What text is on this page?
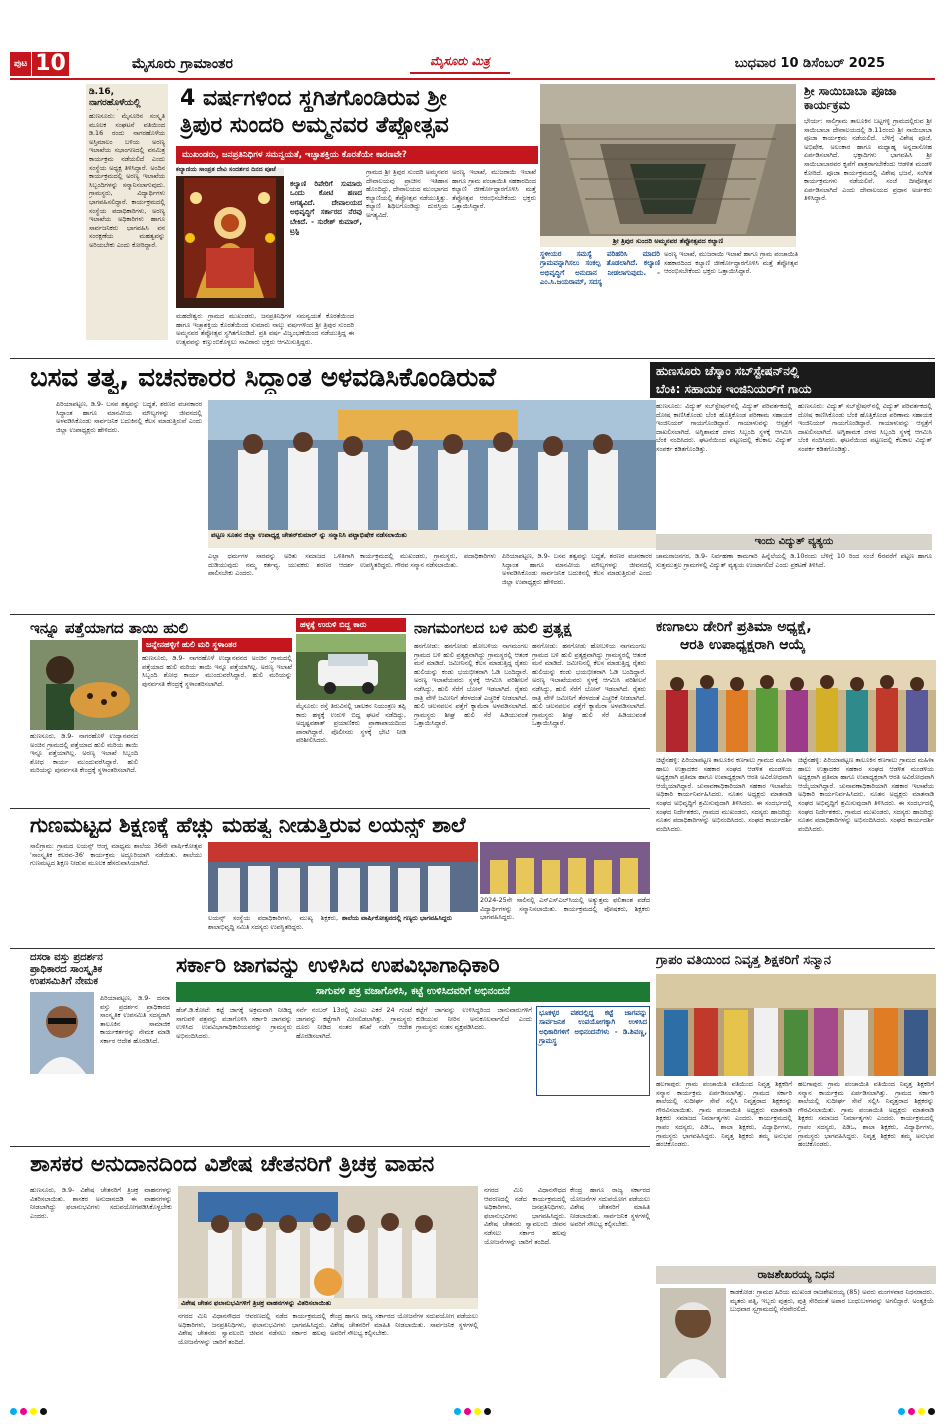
ಪುಟ 10	ಮೈಸೂರು ಗ್ರಾಮಾಂತರ	ಮೈಸೂರು ಮಿತ್ರ	ಬುಧವಾರ 10 ಡಿಸೆಂಬರ್ 2025
ಡಿ.16, ನಾಗರಹೊಳೆಯಲ್ಲಿ
ಹುಣಸೂರು: ಮೈಸೂರಿನ ಸಂಸ್ಕೃತಿ ಮೂಲಕ ಸಂಘಟನೆ ವತಿಯಿಂದ ಡಿ.16 ರಂದು ನಾಗರಹೊಳೆಯ ಅಸ್ತಿಮಾಲಂ ಬಳಿಯ ಅರಣ್ಯ ಇಲಾಖೆಯ ಸಭಾಂಗಣದಲ್ಲಿ ವನಮಿತ್ರ ಕಾರ್ಯಕ್ರಮ ನಡೆಯಲಿದೆ ಎಂದು ಸಂಸ್ಥೆಯ ಅಧ್ಯಕ್ಷ ತಿಳಿಸಿದ್ದಾರೆ. ಅಂದಿನ ಕಾರ್ಯಕ್ರಮದಲ್ಲಿ ಅರಣ್ಯ ಇಲಾಖೆಯ ಸಿಬ್ಬಂದಿಗಳನ್ನು ಸನ್ಮಾನಿಸಲಾಗುವುದು. ಗ್ರಾಮಸ್ಥರು, ವಿದ್ಯಾರ್ಥಿಗಳು ಭಾಗವಹಿಸಲಿದ್ದಾರೆ. ಕಾರ್ಯಕ್ರಮದಲ್ಲಿ ಸಂಸ್ಥೆಯ ಪದಾಧಿಕಾರಿಗಳು, ಅರಣ್ಯ ಇಲಾಖೆಯ ಅಧಿಕಾರಿಗಳು ಹಾಗೂ ಸಾರ್ವಜನಿಕರು ಭಾಗವಹಿಸಿ ವನ ಸಂರಕ್ಷಣೆಯ ಮಹತ್ವವನ್ನು ಅರಿಯಬೇಕು ಎಂದು ಕೋರಿದ್ದಾರೆ.
4 ವರ್ಷಗಳಿಂದ ಸ್ಥಗಿತಗೊಂಡಿರುವ ಶ್ರೀ
ತ್ರಿಪುರ ಸುಂದರಿ ಅಮ್ಮನವರ ತೆಪ್ಪೋತ್ಸವ
ಮುಖಂಡರು, ಜನಪ್ರತಿನಿಧಿಗಳ ಸಮನ್ವಯತೆ, ಇಚ್ಛಾಶಕ್ತಿಯ ಕೊರತೆಯೇ ಕಾರಣವೇ?
ಕಲ್ಯಾಣಿಯ ಸಾಂಪ್ರತ ದೇವಿ ಸಂದರ್ಶನ ದಿನದ ಪೂಜೆ
ಕಲ್ಯಾಣಿ ರಿಪೇರಿಗೆ ಸುಮಾರು ಒಂದು ಕೋಟಿ ಹಣದ ಅಗತ್ಯವಿದೆ. ದೇವಾಲಯದ ಅಭಿವೃದ್ಧಿಗೆ ಸರ್ಕಾರದ ನೆರವು ಬೇಕಿದೆ. - ಸುರೇಶ್ ಕುಮಾರ್, ಟ್ರಸ್ಟಿ
ಮಹದೇಶ್ವರ: ಗ್ರಾಮದ ಮುಖಂಡರು, ಜನಪ್ರತಿನಿಧಿಗಳ ಸಮನ್ವಯತೆ ಕೊರತೆಯಿಂದ ಹಾಗೂ ಇಚ್ಛಾಶಕ್ತಿಯ ಕೊರತೆಯಿಂದ ಸುಮಾರು ನಾಲ್ಕು ವರ್ಷಗಳಿಂದ ಶ್ರೀ ತ್ರಿಪುರ ಸುಂದರಿ ಅಮ್ಮನವರ ತೆಪ್ಪೋತ್ಸವ ಸ್ಥಗಿತಗೊಂಡಿದೆ. ಪ್ರತಿ ವರ್ಷ ವಿಜೃಂಭಣೆಯಿಂದ ನಡೆಯುತ್ತಿದ್ದ ಈ ಉತ್ಸವವನ್ನು ಕಣ್ತುಂಬಿಕೊಳ್ಳಲು ಸಾವಿರಾರು ಭಕ್ತರು ಆಗಮಿಸುತ್ತಿದ್ದರು.
ಗ್ರಾಮದ ಶ್ರೀ ತ್ರಿಪುರ ಸುಂದರಿ ಅಮ್ಮನವರ ದೇವಾಲಯವು ಪ್ರಾಚೀನ ಇತಿಹಾಸ ಹೊಂದಿದ್ದು, ದೇವಾಲಯದ ಮುಂಭಾಗದ ಕಲ್ಯಾಣಿಯಲ್ಲಿ ತೆಪ್ಪೋತ್ಸವ ನಡೆಯುತ್ತಿತ್ತು. ಕಲ್ಯಾಣಿ ಶಿಥಿಲಗೊಂಡಿದ್ದು ದುರಸ್ತಿಯ ಅಗತ್ಯವಿದೆ.
ಅರಣ್ಯ ಇಲಾಖೆ, ಮುಜರಾಯಿ ಇಲಾಖೆ ಹಾಗೂ ಗ್ರಾಮ ಪಂಚಾಯಿತಿ ಸಹಕಾರದಿಂದ ಕಲ್ಯಾಣಿ ಜೀರ್ಣೋದ್ಧಾರಗೊಳಿಸಿ ಮತ್ತೆ ತೆಪ್ಪೋತ್ಸವ ಆರಂಭಿಸಬೇಕೆಂದು ಭಕ್ತರು ಒತ್ತಾಯಿಸಿದ್ದಾರೆ.
ಶ್ರೀ ತ್ರಿಪುರ ಸುಂದರಿ ಅಮ್ಮನವರ ತೆಪ್ಪೋತ್ಸವದ ಕಲ್ಯಾಣಿ
ಸ್ಥಳೀಯರ ಸಮಸ್ಯೆ ಪರಿಹರಿಸಿ ಮಾದರಿ ಗ್ರಾಮವನ್ನಾಗಿಸಲು ಸಂಕಲ್ಪ ತೊಡಲಾಗಿದೆ. ಕಲ್ಯಾಣಿ ಅಭಿವೃದ್ಧಿಗೆ ಅನುದಾನ ನೀಡಲಾಗುವುದು. - ಎಂ.ಸಿ.ಜಯರಾಮ್, ಸದಸ್ಯ
ಅರಣ್ಯ ಇಲಾಖೆ, ಮುಜರಾಯಿ ಇಲಾಖೆ ಹಾಗೂ ಗ್ರಾಮ ಪಂಚಾಯಿತಿ ಸಹಕಾರದಿಂದ ಕಲ್ಯಾಣಿ ಜೀರ್ಣೋದ್ಧಾರಗೊಳಿಸಿ ಮತ್ತೆ ತೆಪ್ಪೋತ್ಸವ ಆರಂಭಿಸಬೇಕೆಂದು ಭಕ್ತರು ಒತ್ತಾಯಿಸಿದ್ದಾರೆ.
ಶ್ರೀ ಸಾಯಿಬಾಬಾ ಪೂಜಾ ಕಾರ್ಯಕ್ರಮ
ಭೇರ್ಯ: ಸಾಲಿಗ್ರಾಮ ತಾಲೂಕಿನ ಬಟ್ಟಗಳ್ಳಿ ಗ್ರಾಮದಲ್ಲಿರುವ ಶ್ರೀ ಸಾಯಿಬಾಬಾ ದೇವಾಲಯದಲ್ಲಿ ಡಿ.11ರಂದು ಶ್ರೀ ಸಾಯಿಬಾಬಾ ಪೂಜಾ ಕಾರ್ಯಕ್ರಮ ನಡೆಯಲಿದೆ. ಬೆಳಿಗ್ಗೆ ವಿಶೇಷ ಪೂಜೆ, ಅಭಿಷೇಕ, ಅಲಂಕಾರ ಹಾಗೂ ಮಧ್ಯಾಹ್ನ ಅನ್ನದಾಸೋಹ ಏರ್ಪಡಿಸಲಾಗಿದೆ. ಭಕ್ತಾದಿಗಳು ಭಾಗವಹಿಸಿ ಶ್ರೀ ಸಾಯಿಬಾಬಾರವರ ಕೃಪೆಗೆ ಪಾತ್ರರಾಗಬೇಕೆಂದು ಆಡಳಿತ ಮಂಡಳಿ ಕೋರಿದೆ. ಪೂಜಾ ಕಾರ್ಯಕ್ರಮದಲ್ಲಿ ವಿಶೇಷ ಭಜನೆ, ಸಂಗೀತ ಕಾರ್ಯಕ್ರಮಗಳು ನಡೆಯಲಿವೆ. ಸಂಜೆ ದೀಪೋತ್ಸವ ಏರ್ಪಡಿಸಲಾಗಿದೆ ಎಂದು ದೇವಾಲಯದ ಪ್ರಧಾನ ಅರ್ಚಕರು ತಿಳಿಸಿದ್ದಾರೆ.
ಬಸವ ತತ್ವ, ವಚನಕಾರರ ಸಿದ್ಧಾಂತ ಅಳವಡಿಸಿಕೊಂಡಿರುವೆ
ಪಟ್ಟಣ ಸೂತನ ಜಿಲ್ಲಾ ಉಪಾಧ್ಯಕ್ಷ ಚೇತನ್‌ಕುಮಾರ್ ನ್ನು ಸನ್ಮಾನಿಸಿ ಪಟ್ಟಾಭಿಷೇಕ ನಡೆಸಲಾಯಿತು
ಪಿರಿಯಾಪಟ್ಟಣ, ಡಿ.9- ಬಸವ ತತ್ವವನ್ನು ಬದ್ಧತೆ, ಶರಣರ ವಚನಕಾರರ ಸಿದ್ಧಾಂತ ಹಾಗೂ ಮಾನವೀಯ ಮೌಲ್ಯಗಳನ್ನು ಜೀವನದಲ್ಲಿ ಅಳವಡಿಸಿಕೊಂಡು ಸಾರ್ವಜನಿಕ ಬದುಕಿನಲ್ಲಿ ಕೆಲಸ ಮಾಡುತ್ತಿರುವೆ ಎಂದು ಜಿಲ್ಲಾ ಉಪಾಧ್ಯಕ್ಷರು ಹೇಳಿದರು.
ಎಲ್ಲಾ ಧರ್ಮಗಳ ಸಾರವನ್ನು ಅರಿತು ಸಮಾಜದ ಒಳಿತಿಗಾಗಿ ದುಡಿಯುವುದು ನಮ್ಮ ಕರ್ತವ್ಯ. ಯುವಕರು ಶರಣರ ಆದರ್ಶ ಪಾಲಿಸಬೇಕು ಎಂದರು.
ಕಾರ್ಯಕ್ರಮದಲ್ಲಿ ಮುಖಂಡರು, ಗ್ರಾಮಸ್ಥರು, ಪದಾಧಿಕಾರಿಗಳು ಉಪಸ್ಥಿತರಿದ್ದರು. ಗೌರವ ಸನ್ಮಾನ ನಡೆಸಲಾಯಿತು.
ಪಿರಿಯಾಪಟ್ಟಣ, ಡಿ.9- ಬಸವ ತತ್ವವನ್ನು ಬದ್ಧತೆ, ಶರಣರ ವಚನಕಾರರ ಸಿದ್ಧಾಂತ ಹಾಗೂ ಮಾನವೀಯ ಮೌಲ್ಯಗಳನ್ನು ಜೀವನದಲ್ಲಿ ಅಳವಡಿಸಿಕೊಂಡು ಸಾರ್ವಜನಿಕ ಬದುಕಿನಲ್ಲಿ ಕೆಲಸ ಮಾಡುತ್ತಿರುವೆ ಎಂದು ಜಿಲ್ಲಾ ಉಪಾಧ್ಯಕ್ಷರು ಹೇಳಿದರು.
ಹುಣಸೂರು ಚೆಸ್ಕಾಂ ಸಬ್‌ಸ್ಟೇಷನ್‌ನಲ್ಲಿ
ಬೆಂಕಿ: ಸಹಾಯಕ ಇಂಜಿನಿಯರ್‌ಗೆ ಗಾಯ
ಹುಣಸೂರು: ವಿದ್ಯುತ್ ಸಬ್‌ಸ್ಟೇಷನ್‌ನಲ್ಲಿ ವಿದ್ಯುತ್ ಪರಿವರ್ತಕದಲ್ಲಿ ದೋಷ ಕಾಣಿಸಿಕೊಂಡು ಬೆಂಕಿ ಹೊತ್ತಿಕೊಂಡ ಪರಿಣಾಮ ಸಹಾಯಕ ಇಂಜಿನಿಯರ್ ಗಾಯಗೊಂಡಿದ್ದಾರೆ. ಗಾಯಾಳುವನ್ನು ಆಸ್ಪತ್ರೆಗೆ ದಾಖಲಿಸಲಾಗಿದೆ. ಅಗ್ನಿಶಾಮಕ ದಳದ ಸಿಬ್ಬಂದಿ ಸ್ಥಳಕ್ಕೆ ಆಗಮಿಸಿ ಬೆಂಕಿ ನಂದಿಸಿದರು. ಘಟನೆಯಿಂದ ಪಟ್ಟಣದಲ್ಲಿ ಕೆಲಕಾಲ ವಿದ್ಯುತ್ ಸಂಪರ್ಕ ಕಡಿತಗೊಂಡಿತ್ತು.
ಹುಣಸೂರು: ವಿದ್ಯುತ್ ಸಬ್‌ಸ್ಟೇಷನ್‌ನಲ್ಲಿ ವಿದ್ಯುತ್ ಪರಿವರ್ತಕದಲ್ಲಿ ದೋಷ ಕಾಣಿಸಿಕೊಂಡು ಬೆಂಕಿ ಹೊತ್ತಿಕೊಂಡ ಪರಿಣಾಮ ಸಹಾಯಕ ಇಂಜಿನಿಯರ್ ಗಾಯಗೊಂಡಿದ್ದಾರೆ. ಗಾಯಾಳುವನ್ನು ಆಸ್ಪತ್ರೆಗೆ ದಾಖಲಿಸಲಾಗಿದೆ. ಅಗ್ನಿಶಾಮಕ ದಳದ ಸಿಬ್ಬಂದಿ ಸ್ಥಳಕ್ಕೆ ಆಗಮಿಸಿ ಬೆಂಕಿ ನಂದಿಸಿದರು. ಘಟನೆಯಿಂದ ಪಟ್ಟಣದಲ್ಲಿ ಕೆಲಕಾಲ ವಿದ್ಯುತ್ ಸಂಪರ್ಕ ಕಡಿತಗೊಂಡಿತ್ತು.
ಇಂದು ವಿದ್ಯುತ್ ವ್ಯತ್ಯಯ
ಚಾಮರಾಜನಗರ, ಡಿ.9- ನಿರ್ವಹಣಾ ಕಾಮಗಾರಿ ಹಿನ್ನೆಲೆಯಲ್ಲಿ ಡಿ.10ರಂದು ಬೆಳಿಗ್ಗೆ 10 ರಿಂದ ಸಂಜೆ 6ರವರೆಗೆ ಪಟ್ಟಣ ಹಾಗೂ ಸುತ್ತಮುತ್ತಲ ಗ್ರಾಮಗಳಲ್ಲಿ ವಿದ್ಯುತ್ ವ್ಯತ್ಯಯ ಉಂಟಾಗಲಿದೆ ಎಂದು ಪ್ರಕಟಣೆ ತಿಳಿಸಿದೆ.
ಇನ್ನೂ ಪತ್ತೆಯಾಗದ ತಾಯಿ ಹುಲಿ
ಜನ್ನೇನಹಳ್ಳಿಗೆ ಹುಲಿ ಮರಿ ಸ್ಥಳಾಂತರ
ಹುಣಸೂರು, ಡಿ.9- ನಾಗರಹೊಳೆ ಉದ್ಯಾನವನದ ಅಂಚಿನ ಗ್ರಾಮದಲ್ಲಿ ಪತ್ತೆಯಾದ ಹುಲಿ ಮರಿಯ ತಾಯಿ ಇನ್ನೂ ಪತ್ತೆಯಾಗಿಲ್ಲ. ಅರಣ್ಯ ಇಲಾಖೆ ಸಿಬ್ಬಂದಿ ಶೋಧ ಕಾರ್ಯ ಮುಂದುವರೆಸಿದ್ದಾರೆ. ಹುಲಿ ಮರಿಯನ್ನು ಪುನರ್ವಸತಿ ಕೇಂದ್ರಕ್ಕೆ ಸ್ಥಳಾಂತರಿಸಲಾಗಿದೆ.
ಹುಣಸೂರು, ಡಿ.9- ನಾಗರಹೊಳೆ ಉದ್ಯಾನವನದ ಅಂಚಿನ ಗ್ರಾಮದಲ್ಲಿ ಪತ್ತೆಯಾದ ಹುಲಿ ಮರಿಯ ತಾಯಿ ಇನ್ನೂ ಪತ್ತೆಯಾಗಿಲ್ಲ. ಅರಣ್ಯ ಇಲಾಖೆ ಸಿಬ್ಬಂದಿ ಶೋಧ ಕಾರ್ಯ ಮುಂದುವರೆಸಿದ್ದಾರೆ. ಹುಲಿ ಮರಿಯನ್ನು ಪುನರ್ವಸತಿ ಕೇಂದ್ರಕ್ಕೆ ಸ್ಥಳಾಂತರಿಸಲಾಗಿದೆ.
ಹಳ್ಳಕ್ಕೆ ಉರುಳಿ ಬಿದ್ದ ಕಾರು
ಮೈಸೂರು: ರಸ್ತೆ ತಿರುವಿನಲ್ಲಿ ಚಾಲಕನ ನಿಯಂತ್ರಣ ತಪ್ಪಿ ಕಾರು ಹಳ್ಳಕ್ಕೆ ಉರುಳಿ ಬಿದ್ದ ಘಟನೆ ನಡೆದಿದ್ದು, ಅದೃಷ್ಟವಶಾತ್ ಪ್ರಯಾಣಿಕರು ಪ್ರಾಣಾಪಾಯದಿಂದ ಪಾರಾಗಿದ್ದಾರೆ. ಪೊಲೀಸರು ಸ್ಥಳಕ್ಕೆ ಭೇಟಿ ನೀಡಿ ಪರಿಶೀಲಿಸಿದರು.
ನಾಗಮಂಗಲದ ಬಳಿ ಹುಲಿ ಪ್ರತ್ಯಕ್ಷ
ಹನಗೋಡು: ಹನಗೋಡು ಹೋಬಳಿಯ ನಾಗಮಂಗಲ ಗ್ರಾಮದ ಬಳಿ ಹುಲಿ ಪ್ರತ್ಯಕ್ಷವಾಗಿದ್ದು ಗ್ರಾಮಸ್ಥರಲ್ಲಿ ಆತಂಕ ಮನೆ ಮಾಡಿದೆ. ಜಮೀನಿನಲ್ಲಿ ಕೆಲಸ ಮಾಡುತ್ತಿದ್ದ ರೈತರು ಹುಲಿಯನ್ನು ಕಂಡು ಭಯಭೀತರಾಗಿ ಓಡಿ ಬಂದಿದ್ದಾರೆ. ಅರಣ್ಯ ಇಲಾಖೆಯವರು ಸ್ಥಳಕ್ಕೆ ಆಗಮಿಸಿ ಪರಿಶೀಲನೆ ನಡೆಸಿದ್ದು, ಹುಲಿ ಸೆರೆಗೆ ಬೋನ್ ಇಡಲಾಗಿದೆ. ರೈತರು ರಾತ್ರಿ ವೇಳೆ ಜಮೀನಿಗೆ ತೆರಳದಂತೆ ಎಚ್ಚರಿಕೆ ನೀಡಲಾಗಿದೆ. ಹುಲಿ ಚಲನವಲನ ಪತ್ತೆಗೆ ಕ್ಯಾಮೆರಾ ಅಳವಡಿಸಲಾಗಿದೆ. ಗ್ರಾಮಸ್ಥರು ಶೀಘ್ರ ಹುಲಿ ಸೆರೆ ಹಿಡಿಯುವಂತೆ ಒತ್ತಾಯಿಸಿದ್ದಾರೆ.
ಹನಗೋಡು: ಹನಗೋಡು ಹೋಬಳಿಯ ನಾಗಮಂಗಲ ಗ್ರಾಮದ ಬಳಿ ಹುಲಿ ಪ್ರತ್ಯಕ್ಷವಾಗಿದ್ದು ಗ್ರಾಮಸ್ಥರಲ್ಲಿ ಆತಂಕ ಮನೆ ಮಾಡಿದೆ. ಜಮೀನಿನಲ್ಲಿ ಕೆಲಸ ಮಾಡುತ್ತಿದ್ದ ರೈತರು ಹುಲಿಯನ್ನು ಕಂಡು ಭಯಭೀತರಾಗಿ ಓಡಿ ಬಂದಿದ್ದಾರೆ. ಅರಣ್ಯ ಇಲಾಖೆಯವರು ಸ್ಥಳಕ್ಕೆ ಆಗಮಿಸಿ ಪರಿಶೀಲನೆ ನಡೆಸಿದ್ದು, ಹುಲಿ ಸೆರೆಗೆ ಬೋನ್ ಇಡಲಾಗಿದೆ. ರೈತರು ರಾತ್ರಿ ವೇಳೆ ಜಮೀನಿಗೆ ತೆರಳದಂತೆ ಎಚ್ಚರಿಕೆ ನೀಡಲಾಗಿದೆ. ಹುಲಿ ಚಲನವಲನ ಪತ್ತೆಗೆ ಕ್ಯಾಮೆರಾ ಅಳವಡಿಸಲಾಗಿದೆ. ಗ್ರಾಮಸ್ಥರು ಶೀಘ್ರ ಹುಲಿ ಸೆರೆ ಹಿಡಿಯುವಂತೆ ಒತ್ತಾಯಿಸಿದ್ದಾರೆ.
ಕಣಗಾಲು ಡೇರಿಗೆ ಪ್ರತಿಮಾ ಅಧ್ಯಕ್ಷೆ,
ಆರತಿ ಉಪಾಧ್ಯಕ್ಷರಾಗಿ ಆಯ್ಕೆ
ಚಿಟ್ಟೆನಹಳ್ಳಿ: ಪಿರಿಯಾಪಟ್ಟಣ ತಾಲೂಕಿನ ಕಣಗಾಲು ಗ್ರಾಮದ ಮಹಿಳಾ ಹಾಲು ಉತ್ಪಾದಕರ ಸಹಕಾರ ಸಂಘದ ಆಡಳಿತ ಮಂಡಳಿಯ ಅಧ್ಯಕ್ಷರಾಗಿ ಪ್ರತಿಮಾ ಹಾಗೂ ಉಪಾಧ್ಯಕ್ಷರಾಗಿ ಆರತಿ ಅವಿರೋಧವಾಗಿ ಆಯ್ಕೆಯಾಗಿದ್ದಾರೆ. ಚುನಾವಣಾಧಿಕಾರಿಯಾಗಿ ಸಹಕಾರ ಇಲಾಖೆಯ ಅಧಿಕಾರಿ ಕಾರ್ಯನಿರ್ವಹಿಸಿದರು. ನೂತನ ಅಧ್ಯಕ್ಷರು ಮಾತನಾಡಿ ಸಂಘದ ಅಭಿವೃದ್ಧಿಗೆ ಶ್ರಮಿಸುವುದಾಗಿ ತಿಳಿಸಿದರು. ಈ ಸಂದರ್ಭದಲ್ಲಿ ಸಂಘದ ನಿರ್ದೇಶಕರು, ಗ್ರಾಮದ ಮುಖಂಡರು, ಸದಸ್ಯರು ಹಾಜರಿದ್ದು ನೂತನ ಪದಾಧಿಕಾರಿಗಳನ್ನು ಅಭಿನಂದಿಸಿದರು. ಸಂಘದ ಕಾರ್ಯದರ್ಶಿ ವಂದಿಸಿದರು.
ಚಿಟ್ಟೆನಹಳ್ಳಿ: ಪಿರಿಯಾಪಟ್ಟಣ ತಾಲೂಕಿನ ಕಣಗಾಲು ಗ್ರಾಮದ ಮಹಿಳಾ ಹಾಲು ಉತ್ಪಾದಕರ ಸಹಕಾರ ಸಂಘದ ಆಡಳಿತ ಮಂಡಳಿಯ ಅಧ್ಯಕ್ಷರಾಗಿ ಪ್ರತಿಮಾ ಹಾಗೂ ಉಪಾಧ್ಯಕ್ಷರಾಗಿ ಆರತಿ ಅವಿರೋಧವಾಗಿ ಆಯ್ಕೆಯಾಗಿದ್ದಾರೆ. ಚುನಾವಣಾಧಿಕಾರಿಯಾಗಿ ಸಹಕಾರ ಇಲಾಖೆಯ ಅಧಿಕಾರಿ ಕಾರ್ಯನಿರ್ವಹಿಸಿದರು. ನೂತನ ಅಧ್ಯಕ್ಷರು ಮಾತನಾಡಿ ಸಂಘದ ಅಭಿವೃದ್ಧಿಗೆ ಶ್ರಮಿಸುವುದಾಗಿ ತಿಳಿಸಿದರು. ಈ ಸಂದರ್ಭದಲ್ಲಿ ಸಂಘದ ನಿರ್ದೇಶಕರು, ಗ್ರಾಮದ ಮುಖಂಡರು, ಸದಸ್ಯರು ಹಾಜರಿದ್ದು ನೂತನ ಪದಾಧಿಕಾರಿಗಳನ್ನು ಅಭಿನಂದಿಸಿದರು. ಸಂಘದ ಕಾರ್ಯದರ್ಶಿ ವಂದಿಸಿದರು.
ಗುಣಮಟ್ಟದ ಶಿಕ್ಷಣಕ್ಕೆ ಹೆಚ್ಚು ಮಹತ್ವ ನೀಡುತ್ತಿರುವ ಲಯನ್ಸ್ ಶಾಲೆ
ಸಾಲಿಗ್ರಾಮ: ಗ್ರಾಮದ ಲಯನ್ಸ್ ಆಂಗ್ಲ ಮಾಧ್ಯಮ ಶಾಲೆಯ 36ನೇ ವಾರ್ಷಿಕೋತ್ಸವ 'ಸಾಂಸ್ಕೃತಿಕ ಕಲರವ-36' ಕಾರ್ಯಕ್ರಮ ಅದ್ದೂರಿಯಾಗಿ ನಡೆಯಿತು. ಶಾಲೆಯು ಗುಣಮಟ್ಟದ ಶಿಕ್ಷಣ ನೀಡುವ ಮೂಲಕ ಹೆಸರುವಾಸಿಯಾಗಿದೆ.
2024-25ನೇ ಸಾಲಿನಲ್ಲಿ ಎಸ್‌ಎಸ್‌ಎಲ್‌ಸಿಯಲ್ಲಿ ಅತ್ಯುತ್ತಮ ಫಲಿತಾಂಶ ಪಡೆದ ವಿದ್ಯಾರ್ಥಿಗಳನ್ನು ಸನ್ಮಾನಿಸಲಾಯಿತು. ಕಾರ್ಯಕ್ರಮದಲ್ಲಿ ಪೋಷಕರು, ಶಿಕ್ಷಕರು ಭಾಗವಹಿಸಿದ್ದರು.
ಲಯನ್ಸ್ ಸಂಸ್ಥೆಯ ಪದಾಧಿಕಾರಿಗಳು, ಮುಖ್ಯ ಶಿಕ್ಷಕರು, ಶಾಲಾಭಿವೃದ್ಧಿ ಸಮಿತಿ ಸದಸ್ಯರು ಉಪಸ್ಥಿತರಿದ್ದರು.
ಶಾಲೆಯ ವಾರ್ಷಿಕೋತ್ಸವದಲ್ಲಿ ಗಣ್ಯರು ಭಾಗವಹಿಸಿದ್ದರು
ದಸರಾ ವಸ್ತು ಪ್ರದರ್ಶನ
ಪ್ರಾಧಿಕಾರದ ಸಾಂಸ್ಕೃತಿಕ
ಉಪಸಮಿತಿಗೆ ನೇಮಕ
ಪಿರಿಯಾಪಟ್ಟಣ, ಡಿ.9- ದಸರಾ ವಸ್ತು ಪ್ರದರ್ಶನ ಪ್ರಾಧಿಕಾರದ ಸಾಂಸ್ಕೃತಿಕ ಉಪಸಮಿತಿ ಸದಸ್ಯರಾಗಿ ತಾಲೂಕಿನ ಸಾಮಾಜಿಕ ಕಾರ್ಯಕರ್ತರನ್ನು ನೇಮಕ ಮಾಡಿ ಸರ್ಕಾರ ಆದೇಶ ಹೊರಡಿಸಿದೆ.
ಸರ್ಕಾರಿ ಜಾಗವನ್ನು ಉಳಿಸಿದ ಉಪವಿಭಾಗಾಧಿಕಾರಿ
ಸಾಗುವಳಿ ಪತ್ರ ವಜಾಗೊಳಿಸಿ, ಕಟ್ಟೆ ಉಳಿಸಿದವರಿಗೆ ಅಭಿನಂದನೆ
ಹೆಚ್.ಡಿ.ಕೋಟೆ: ಕಟ್ಟೆ ಜಾಗಕ್ಕೆ ಅಕ್ರಮವಾಗಿ ನೀಡಿದ್ದ ಸಾಗುವಳಿ ಪತ್ರವನ್ನು ವಜಾಗೊಳಿಸಿ ಸರ್ಕಾರಿ ಜಾಗವನ್ನು ಉಳಿಸಿದ ಉಪವಿಭಾಗಾಧಿಕಾರಿಯವರನ್ನು ಗ್ರಾಮಸ್ಥರು ಅಭಿನಂದಿಸಿದರು.
ಸರ್ವೆ ನಂಬರ್ 13ರಲ್ಲಿ ಎಂಟು ಎಕರೆ 24 ಗುಂಟೆ ಜಾಗವನ್ನು ಕಟ್ಟೆಗಾಗಿ ಮೀಸಲಿಡಲಾಗಿತ್ತು. ಗ್ರಾಮಸ್ಥರು ದೂರು ನೀಡಿದ ನಂತರ ತನಿಖೆ ನಡೆಸಿ ಆದೇಶ ಹೊರಡಿಸಲಾಗಿದೆ.
ಕಟ್ಟೆಗೆ ಜಾಗವನ್ನು ಉಳಿಸಿದ್ದರಿಂದ ಜಾನುವಾರುಗಳಿಗೆ ಕುಡಿಯುವ ನೀರಿನ ಅನುಕೂಲವಾಗಲಿದೆ ಎಂದು ಗ್ರಾಮಸ್ಥರು ಸಂತಸ ವ್ಯಕ್ತಪಡಿಸಿದರು.
ಭೂಕಳ್ಳರ ವಶದಲ್ಲಿದ್ದ ಕಟ್ಟೆ ಜಾಗವನ್ನು ಸಾರ್ವಜನಿಕ ಉಪಯೋಗಕ್ಕಾಗಿ ಉಳಿಸಿದ ಅಧಿಕಾರಿಗಳಿಗೆ ಅಭಿನಂದನೆಗಳು - ಡಿ.ಶಿವಣ್ಣ, ಗ್ರಾಮಸ್ಥ
ಗ್ರಾಪಂ ವತಿಯಿಂದ ನಿವೃತ್ತ ಶಿಕ್ಷಕರಿಗೆ ಸನ್ಮಾನ
ಹಲಗಾಪುರ: ಗ್ರಾಮ ಪಂಚಾಯಿತಿ ವತಿಯಿಂದ ನಿವೃತ್ತ ಶಿಕ್ಷಕರಿಗೆ ಸನ್ಮಾನ ಕಾರ್ಯಕ್ರಮ ಏರ್ಪಡಿಸಲಾಗಿತ್ತು. ಗ್ರಾಮದ ಸರ್ಕಾರಿ ಶಾಲೆಯಲ್ಲಿ ಸುದೀರ್ಘ ಸೇವೆ ಸಲ್ಲಿಸಿ ನಿವೃತ್ತರಾದ ಶಿಕ್ಷಕರನ್ನು ಗೌರವಿಸಲಾಯಿತು. ಗ್ರಾಮ ಪಂಚಾಯಿತಿ ಅಧ್ಯಕ್ಷರು ಮಾತನಾಡಿ ಶಿಕ್ಷಕರು ಸಮಾಜದ ನಿರ್ಮಾತೃಗಳು ಎಂದರು. ಕಾರ್ಯಕ್ರಮದಲ್ಲಿ ಗ್ರಾಪಂ ಸದಸ್ಯರು, ಪಿಡಿಒ, ಶಾಲಾ ಶಿಕ್ಷಕರು, ವಿದ್ಯಾರ್ಥಿಗಳು, ಗ್ರಾಮಸ್ಥರು ಭಾಗವಹಿಸಿದ್ದರು. ನಿವೃತ್ತ ಶಿಕ್ಷಕರು ತಮ್ಮ ಅನುಭವ ಹಂಚಿಕೊಂಡರು.
ಹಲಗಾಪುರ: ಗ್ರಾಮ ಪಂಚಾಯಿತಿ ವತಿಯಿಂದ ನಿವೃತ್ತ ಶಿಕ್ಷಕರಿಗೆ ಸನ್ಮಾನ ಕಾರ್ಯಕ್ರಮ ಏರ್ಪಡಿಸಲಾಗಿತ್ತು. ಗ್ರಾಮದ ಸರ್ಕಾರಿ ಶಾಲೆಯಲ್ಲಿ ಸುದೀರ್ಘ ಸೇವೆ ಸಲ್ಲಿಸಿ ನಿವೃತ್ತರಾದ ಶಿಕ್ಷಕರನ್ನು ಗೌರವಿಸಲಾಯಿತು. ಗ್ರಾಮ ಪಂಚಾಯಿತಿ ಅಧ್ಯಕ್ಷರು ಮಾತನಾಡಿ ಶಿಕ್ಷಕರು ಸಮಾಜದ ನಿರ್ಮಾತೃಗಳು ಎಂದರು. ಕಾರ್ಯಕ್ರಮದಲ್ಲಿ ಗ್ರಾಪಂ ಸದಸ್ಯರು, ಪಿಡಿಒ, ಶಾಲಾ ಶಿಕ್ಷಕರು, ವಿದ್ಯಾರ್ಥಿಗಳು, ಗ್ರಾಮಸ್ಥರು ಭಾಗವಹಿಸಿದ್ದರು. ನಿವೃತ್ತ ಶಿಕ್ಷಕರು ತಮ್ಮ ಅನುಭವ ಹಂಚಿಕೊಂಡರು.
ಶಾಸಕರ ಅನುದಾನದಿಂದ ವಿಶೇಷ ಚೇತನರಿಗೆ ತ್ರಿಚಕ್ರ ವಾಹನ
ಹುಣಸೂರು, ಡಿ.9- ವಿಶೇಷ ಚೇತನರಿಗೆ ತ್ರಿಚಕ್ರ ವಾಹನಗಳನ್ನು ವಿತರಿಸಲಾಯಿತು. ಶಾಸಕರ ಅನುದಾನದಡಿ ಈ ವಾಹನಗಳನ್ನು ನೀಡಲಾಗಿದ್ದು ಫಲಾನುಭವಿಗಳು ಸದುಪಯೋಗಪಡಿಸಿಕೊಳ್ಳಬೇಕು ಎಂದರು.
ವಿಶೇಷ ಚೇತನ ಫಲಾನುಭವಿಗಳಿಗೆ ತ್ರಿಚಕ್ರ ವಾಹನಗಳನ್ನು ವಿತರಿಸಲಾಯಿತು
ನಗರದ ಮಿನಿ ವಿಧಾನಸೌಧದ ಆವರಣದಲ್ಲಿ ನಡೆದ ಕಾರ್ಯಕ್ರಮದಲ್ಲಿ ಅಧಿಕಾರಿಗಳು, ಜನಪ್ರತಿನಿಧಿಗಳು, ಫಲಾನುಭವಿಗಳು ಭಾಗವಹಿಸಿದ್ದರು. ವಿಶೇಷ ಚೇತನರು ಸ್ವಾವಲಂಬಿ ಜೀವನ ನಡೆಸಲು ಸರ್ಕಾರ ಹಲವು ಯೋಜನೆಗಳನ್ನು ಜಾರಿಗೆ ತಂದಿದೆ.
ಕೇಂದ್ರ ಹಾಗೂ ರಾಜ್ಯ ಸರ್ಕಾರದ ಯೋಜನೆಗಳ ಸದುಪಯೋಗ ಪಡೆಯಲು ವಿಶೇಷ ಚೇತನರಿಗೆ ಮಾಹಿತಿ ನೀಡಲಾಯಿತು. ಸಾರ್ವಜನಿಕ ಸ್ಥಳಗಳಲ್ಲಿ ಅವರಿಗೆ ಸೌಲಭ್ಯ ಕಲ್ಪಿಸಬೇಕು.
ನಗರದ ಮಿನಿ ವಿಧಾನಸೌಧದ ಆವರಣದಲ್ಲಿ ನಡೆದ ಕಾರ್ಯಕ್ರಮದಲ್ಲಿ ಅಧಿಕಾರಿಗಳು, ಜನಪ್ರತಿನಿಧಿಗಳು, ಫಲಾನುಭವಿಗಳು ಭಾಗವಹಿಸಿದ್ದರು. ವಿಶೇಷ ಚೇತನರು ಸ್ವಾವಲಂಬಿ ಜೀವನ ನಡೆಸಲು ಸರ್ಕಾರ ಹಲವು ಯೋಜನೆಗಳನ್ನು ಜಾರಿಗೆ ತಂದಿದೆ.
ಕೇಂದ್ರ ಹಾಗೂ ರಾಜ್ಯ ಸರ್ಕಾರದ ಯೋಜನೆಗಳ ಸದುಪಯೋಗ ಪಡೆಯಲು ವಿಶೇಷ ಚೇತನರಿಗೆ ಮಾಹಿತಿ ನೀಡಲಾಯಿತು. ಸಾರ್ವಜನಿಕ ಸ್ಥಳಗಳಲ್ಲಿ ಅವರಿಗೆ ಸೌಲಭ್ಯ ಕಲ್ಪಿಸಬೇಕು.
ರಾಜಶೇಖರಯ್ಯ ನಿಧನ
ಕಾಡಕೋಡ: ಗ್ರಾಮದ ಹಿರಿಯ ಮುಖಂಡ ರಾಜಶೇಖರಯ್ಯ (85) ಅವರು ಮಂಗಳವಾರ ನಿಧನರಾದರು. ಮೃತರು ಪತ್ನಿ, ಇಬ್ಬರು ಪುತ್ರರು, ಪುತ್ರಿ ಸೇರಿದಂತೆ ಅಪಾರ ಬಂಧುಬಳಗವನ್ನು ಅಗಲಿದ್ದಾರೆ. ಅಂತ್ಯಕ್ರಿಯೆ ಬುಧವಾರ ಸ್ವಗ್ರಾಮದಲ್ಲಿ ನೆರವೇರಲಿದೆ.
